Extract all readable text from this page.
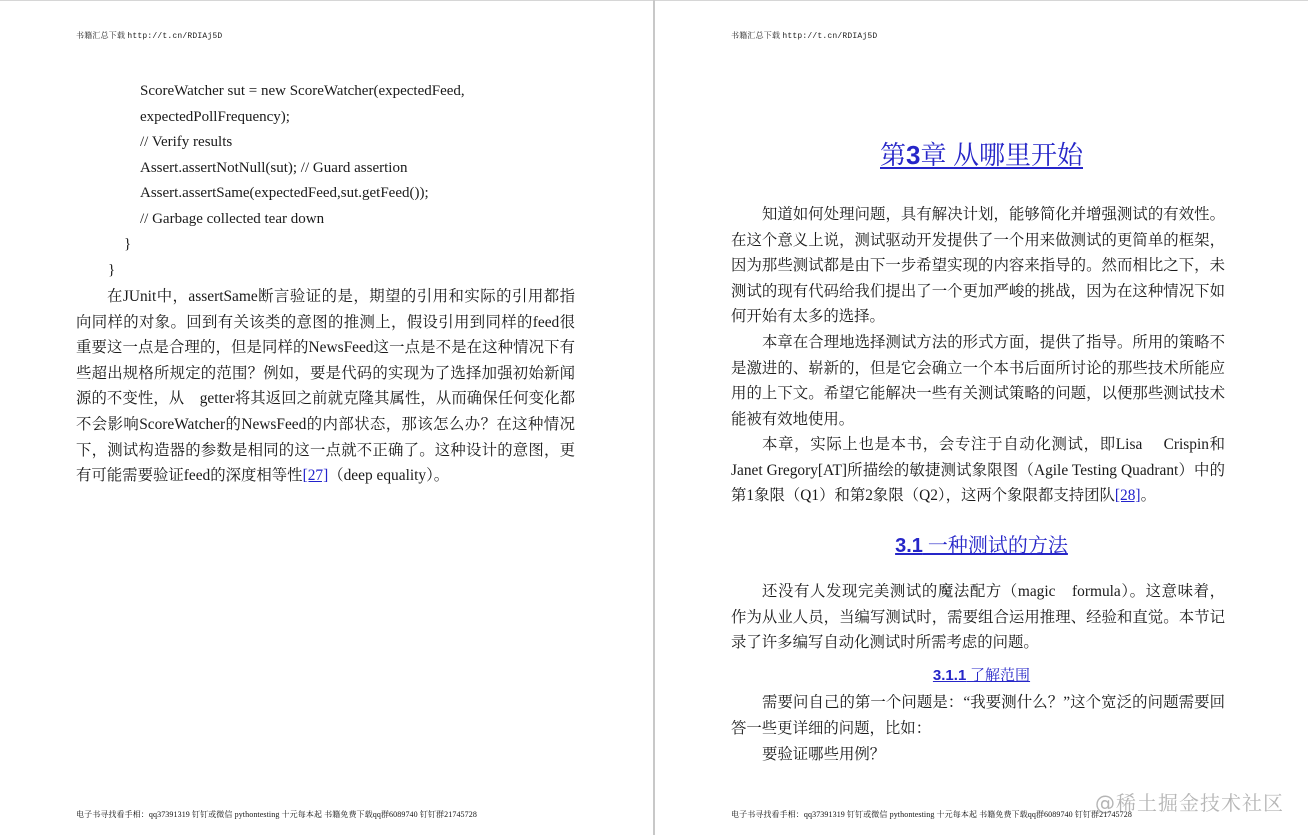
书籍汇总下载 http://t.cn/RDIAj5D
ScoreWatcher sut = new ScoreWatcher(expectedFeed,
expectedPollFrequency);
// Verify results
Assert.assertNotNull(sut); // Guard assertion
Assert.assertSame(expectedFeed,sut.getFeed());
// Garbage collected tear down
}
}
在JUnit中，assertSame断言验证的是，期望的引用和实际的引用都指向同样的对象。回到有关该类的意图的推测上，假设引用到同样的feed很重要这一点是合理的，但是同样的NewsFeed这一点是不是在这种情况下有些超出规格所规定的范围？例如，要是代码的实现为了选择加强初始新闻源的不变性，从　getter将其返回之前就克隆其属性，从而确保任何变化都不会影响ScoreWatcher的NewsFeed的内部状态，那该怎么办？在这种情况下，测试构造器的参数是相同的这一点就不正确了。这种设计的意图，更有可能需要验证feed的深度相等性[27]（deep equality）。
电子书寻找看手相：qq37391319 钉钉或微信 pythontesting 十元每本起 书籍免费下载qq群6089740 钉钉群21745728
书籍汇总下载 http://t.cn/RDIAj5D
第3章 从哪里开始
知道如何处理问题，具有解决计划，能够简化并增强测试的有效性。在这个意义上说，测试驱动开发提供了一个用来做测试的更简单的框架，因为那些测试都是由下一步希望实现的内容来指导的。然而相比之下，未测试的现有代码给我们提出了一个更加严峻的挑战，因为在这种情况下如何开始有太多的选择。
本章在合理地选择测试方法的形式方面，提供了指导。所用的策略不是激进的、崭新的，但是它会确立一个本书后面所讨论的那些技术所能应用的上下文。希望它能解决一些有关测试策略的问题，以便那些测试技术能被有效地使用。
本章，实际上也是本书，会专注于自动化测试，即Lisa　 Crispin和Janet Gregory[AT]所描绘的敏捷测试象限图（Agile Testing Quadrant）中的第1象限（Q1）和第2象限（Q2），这两个象限都支持团队[28]。
3.1 一种测试的方法
还没有人发现完美测试的魔法配方（magic　formula）。这意味着，作为从业人员，当编写测试时，需要组合运用推理、经验和直觉。本节记录了许多编写自动化测试时所需考虑的问题。
3.1.1 了解范围
需要问自己的第一个问题是：“我要测什么？”这个宽泛的问题需要回答一些更详细的问题，比如：
要验证哪些用例？
电子书寻找看手相：qq37391319 钉钉或微信 pythontesting 十元每本起 书籍免费下载qq群6089740 钉钉群21745728
@稀土掘金技术社区
